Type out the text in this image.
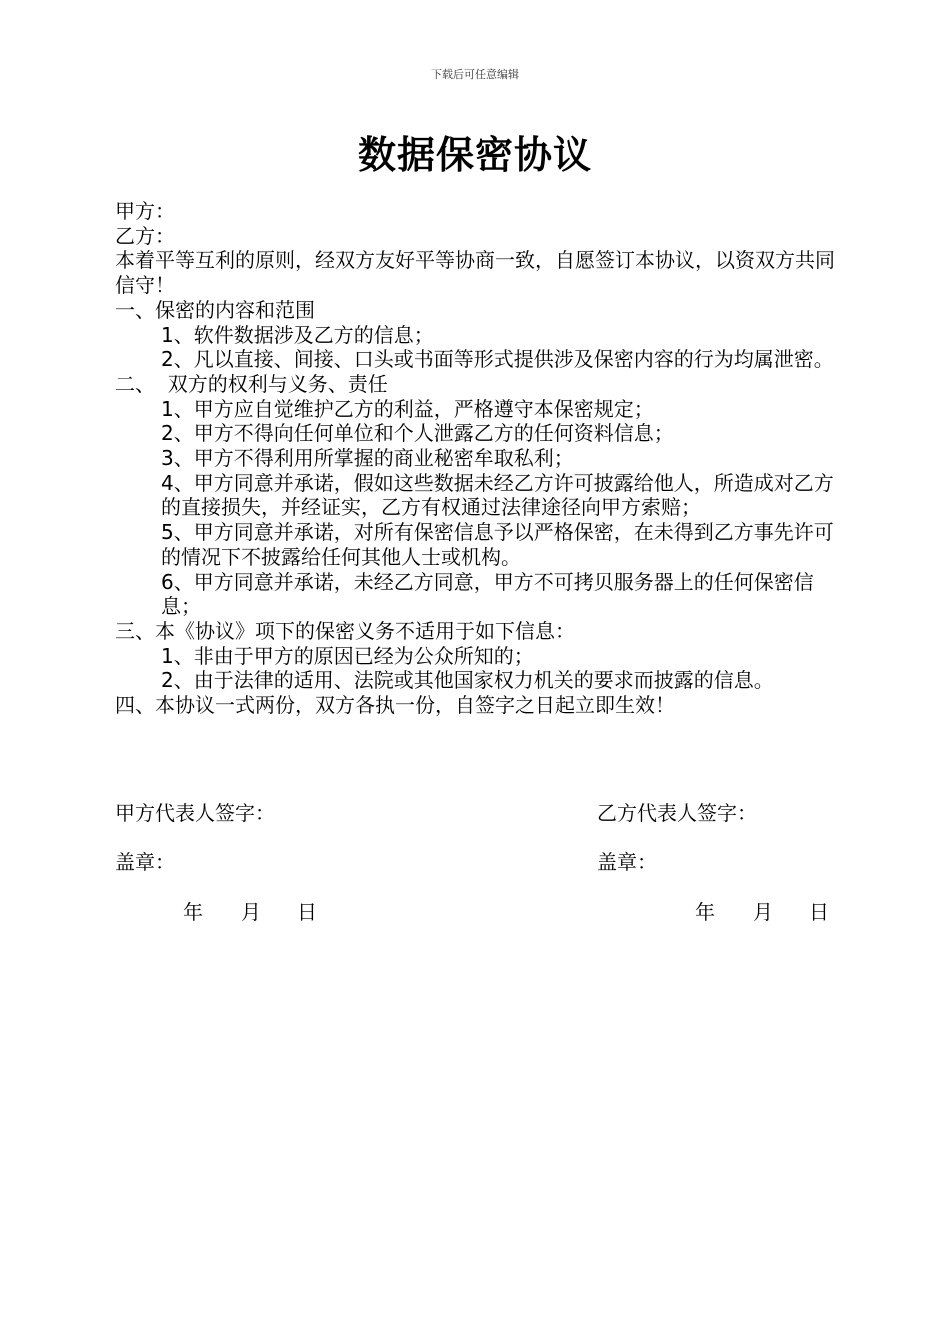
下载后可任意编辑
数据保密协议
甲方：
乙方：
本着平等互利的原则，经双方友好平等协商一致，自愿签订本协议，以资双方共同信守！
一、保密的内容和范围
1、软件数据涉及乙方的信息；
2、凡以直接、间接、口头或书面等形式提供涉及保密内容的行为均属泄密。
二、  双方的权利与义务、责任
1、甲方应自觉维护乙方的利益，严格遵守本保密规定；
2、甲方不得向任何单位和个人泄露乙方的任何资料信息；
3、甲方不得利用所掌握的商业秘密牟取私利；
4、甲方同意并承诺，假如这些数据未经乙方许可披露给他人，所造成对乙方的直接损失，并经证实，乙方有权通过法律途径向甲方索赔；
5、甲方同意并承诺，对所有保密信息予以严格保密，在未得到乙方事先许可的情况下不披露给任何其他人士或机构。
6、甲方同意并承诺，未经乙方同意，甲方不可拷贝服务器上的任何保密信息；
三、本《协议》项下的保密义务不适用于如下信息：
1、非由于甲方的原因已经为公众所知的；
2、由于法律的适用、法院或其他国家权力机关的要求而披露的信息。
四、本协议一式两份，双方各执一份，自签字之日起立即生效！
甲方代表人签字：	乙方代表人签字：
盖章：	盖章：
年 月 日	年 月 日
